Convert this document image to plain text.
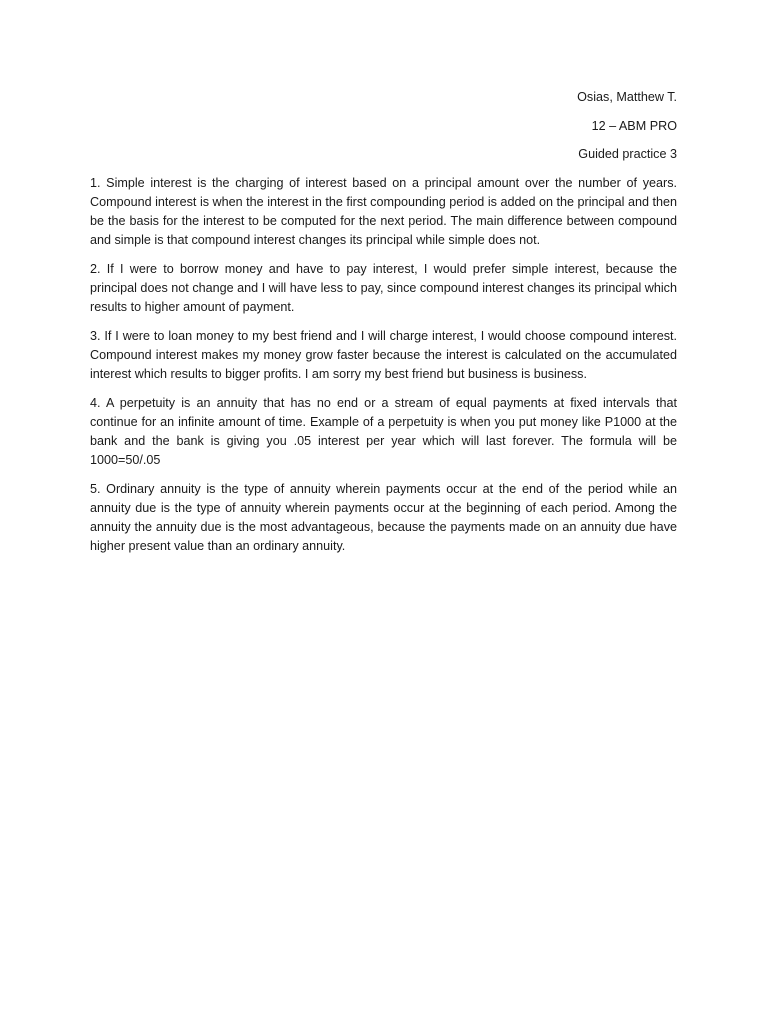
Osias, Matthew T.

12 – ABM PRO

Guided practice 3

1. Simple interest is the charging of interest based on a principal amount over the number of years. Compound interest is when the interest in the first compounding period is added on the principal and then be the basis for the interest to be computed for the next period. The main difference between compound and simple is that compound interest changes its principal while simple does not.

2. If I were to borrow money and have to pay interest, I would prefer simple interest, because the principal does not change and I will have less to pay, since compound interest changes its principal which results to higher amount of payment.

3. If I were to loan money to my best friend and I will charge interest, I would choose compound interest. Compound interest makes my money grow faster because the interest is calculated on the accumulated interest which results to bigger profits. I am sorry my best friend but business is business.

4. A perpetuity is an annuity that has no end or a stream of equal payments at fixed intervals that continue for an infinite amount of time. Example of a perpetuity is when you put money like P1000 at the bank and the bank is giving you .05 interest per year which will last forever. The formula will be 1000=50/.05

5. Ordinary annuity is the type of annuity wherein payments occur at the end of the period while an annuity due is the type of annuity wherein payments occur at the beginning of each period. Among the annuity the annuity due is the most advantageous, because the payments made on an annuity due have higher present value than an ordinary annuity.
